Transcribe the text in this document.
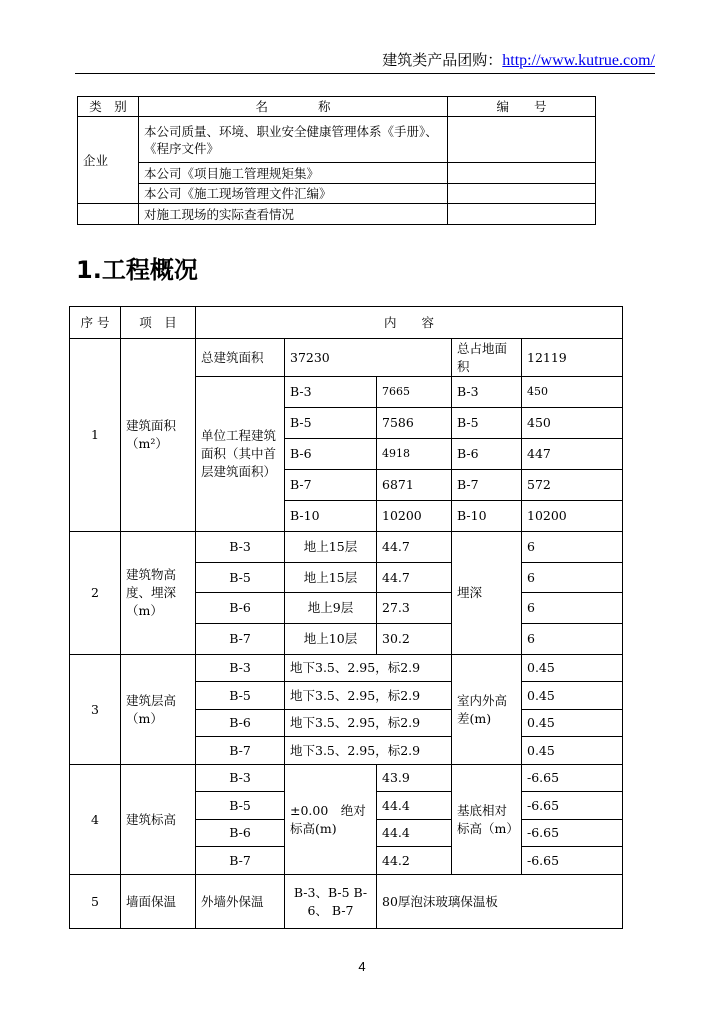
建筑类产品团购：http://www.kutrue.com/
类　别	名　　　　称	编　　号
企业	本公司质量、环境、职业安全健康管理体系《手册》、《程序文件》	
	本公司《项目施工管理规矩集》	
	本公司《施工现场管理文件汇编》	
	对施工现场的实际查看情况	
1.工程概况
序 号	项　目	内　　容				
1	建筑面积（m²）	总建筑面积	37230		总占地面积	12119
		单位工程建筑面积（其中首层建筑面积）	B-3	7665	B-3	450
			B-5	7586	B-5	450
			B-6	4918	B-6	447
			B-7	6871	B-7	572
			B-10	10200	B-10	10200
2	建筑物高度、埋深（m）	B-3	地上15层	44.7	埋深	6
		B-5	地上15层	44.7		6
		B-6	地上9层	27.3		6
		B-7	地上10层	30.2		6
3	建筑层高（m）	B-3	地下3.5、2.95，标2.9		室内外高差(m)	0.45
		B-5	地下3.5、2.95，标2.9			0.45
		B-6	地下3.5、2.95，标2.9			0.45
		B-7	地下3.5、2.95，标2.9			0.45
4	建筑标高	B-3	±0.00　绝对标高(m)	43.9	基底相对标高（m）	-6.65
		B-5		44.4		-6.65
		B-6		44.4		-6.65
		B-7		44.2		-6.65
5	墙面保温	外墙外保温	B-3、B-5 B-6、 B-7	80厚泡沫玻璃保温板		
4
